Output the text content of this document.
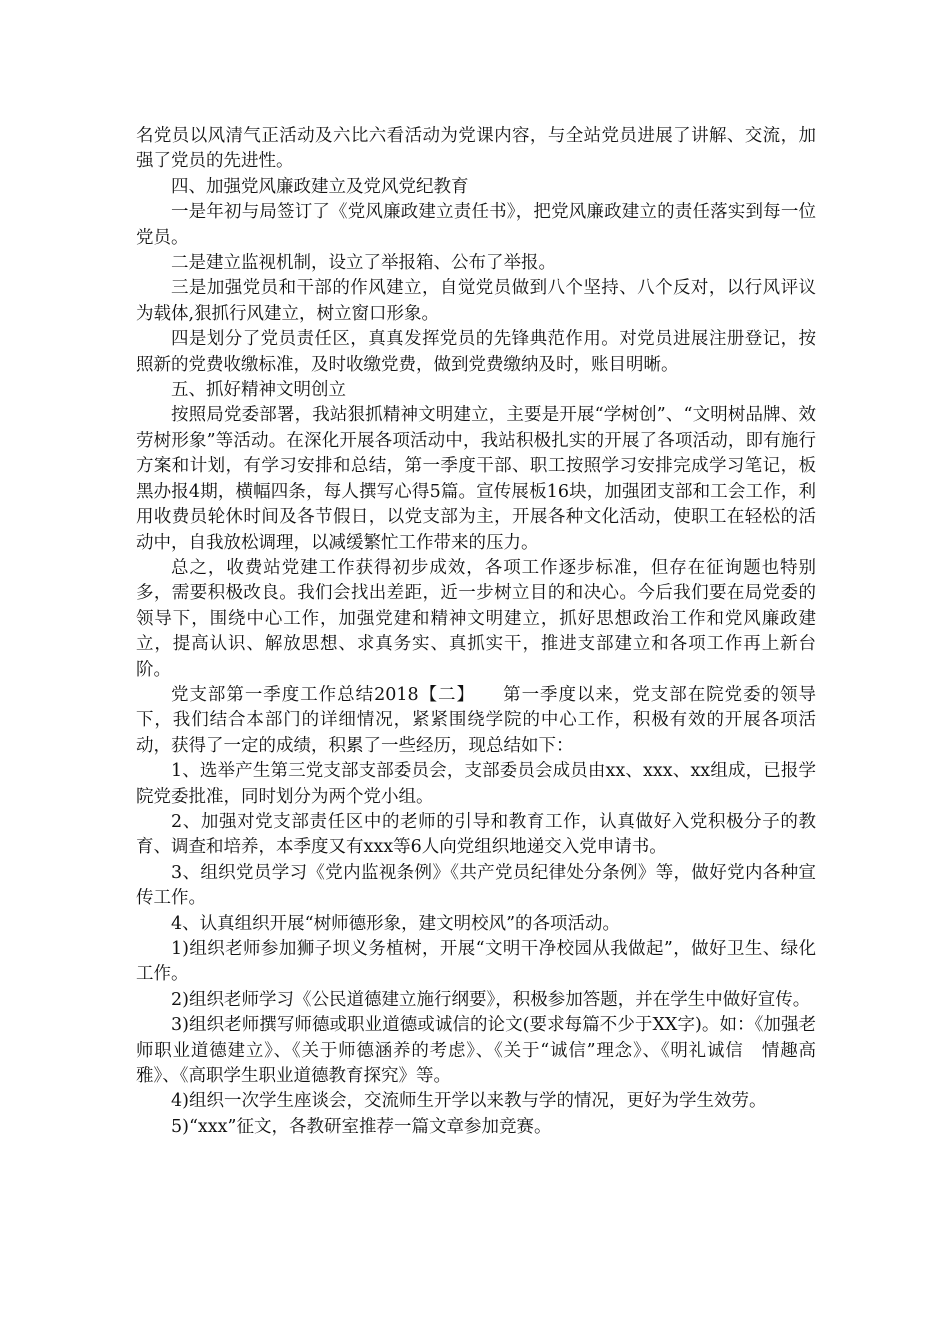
名党员以风清气正活动及六比六看活动为党课内容，与全站党员进展了讲解、交流，加强了党员的先进性。

四、加强党风廉政建立及党风党纪教育

一是年初与局签订了《党风廉政建立责任书》，把党风廉政建立的责任落实到每一位党员。

二是建立监视机制，设立了举报箱、公布了举报。

三是加强党员和干部的作风建立，自觉党员做到八个坚持、八个反对，以行风评议为载体,狠抓行风建立，树立窗口形象。

四是划分了党员责任区，真真发挥党员的先锋典范作用。对党员进展注册登记，按照新的党费收缴标准，及时收缴党费，做到党费缴纳及时，账目明晰。

五、抓好精神文明创立

按照局党委部署，我站狠抓精神文明建立，主要是开展“学树创”、“文明树品牌、效劳树形象”等活动。在深化开展各项活动中，我站积极扎实的开展了各项活动，即有施行方案和计划，有学习安排和总结，第一季度干部、职工按照学习安排完成学习笔记，板黑办报4期，横幅四条，每人撰写心得5篇。宣传展板16块，加强团支部和工会工作，利用收费员轮休时间及各节假日，以党支部为主，开展各种文化活动，使职工在轻松的活动中，自我放松调理，以减缓繁忙工作带来的压力。

总之，收费站党建工作获得初步成效，各项工作逐步标准，但存在征询题也特别多，需要积极改良。我们会找出差距，近一步树立目的和决心。今后我们要在局党委的领导下，围绕中心工作，加强党建和精神文明建立，抓好思想政治工作和党风廉政建立，提高认识、解放思想、求真务实、真抓实干，推进支部建立和各项工作再上新台阶。

党支部第一季度工作总结2018【二】　　第一季度以来，党支部在院党委的领导下，我们结合本部门的详细情况，紧紧围绕学院的中心工作，积极有效的开展各项活动，获得了一定的成绩，积累了一些经历，现总结如下：

1、选举产生第三党支部支部委员会，支部委员会成员由xx、xxx、xx组成，已报学院党委批准，同时划分为两个党小组。

2、加强对党支部责任区中的老师的引导和教育工作，认真做好入党积极分子的教育、调查和培养，本季度又有xxx等6人向党组织地递交入党申请书。

3、组织党员学习《党内监视条例》《共产党员纪律处分条例》等，做好党内各种宣传工作。

4、认真组织开展“树师德形象，建文明校风”的各项活动。

1)组织老师参加狮子坝义务植树，开展“文明干净校园从我做起”，做好卫生、绿化工作。

2)组织老师学习《公民道德建立施行纲要》，积极参加答题，并在学生中做好宣传。

3)组织老师撰写师德或职业道德或诚信的论文(要求每篇不少于XX字)。如：《加强老师职业道德建立》、《关于师德涵养的考虑》、《关于“诚信”理念》、《明礼诚信　情趣高雅》、《高职学生职业道德教育探究》等。

4)组织一次学生座谈会，交流师生开学以来教与学的情况，更好为学生效劳。

5)“xxx”征文，各教研室推荐一篇文章参加竞赛。
